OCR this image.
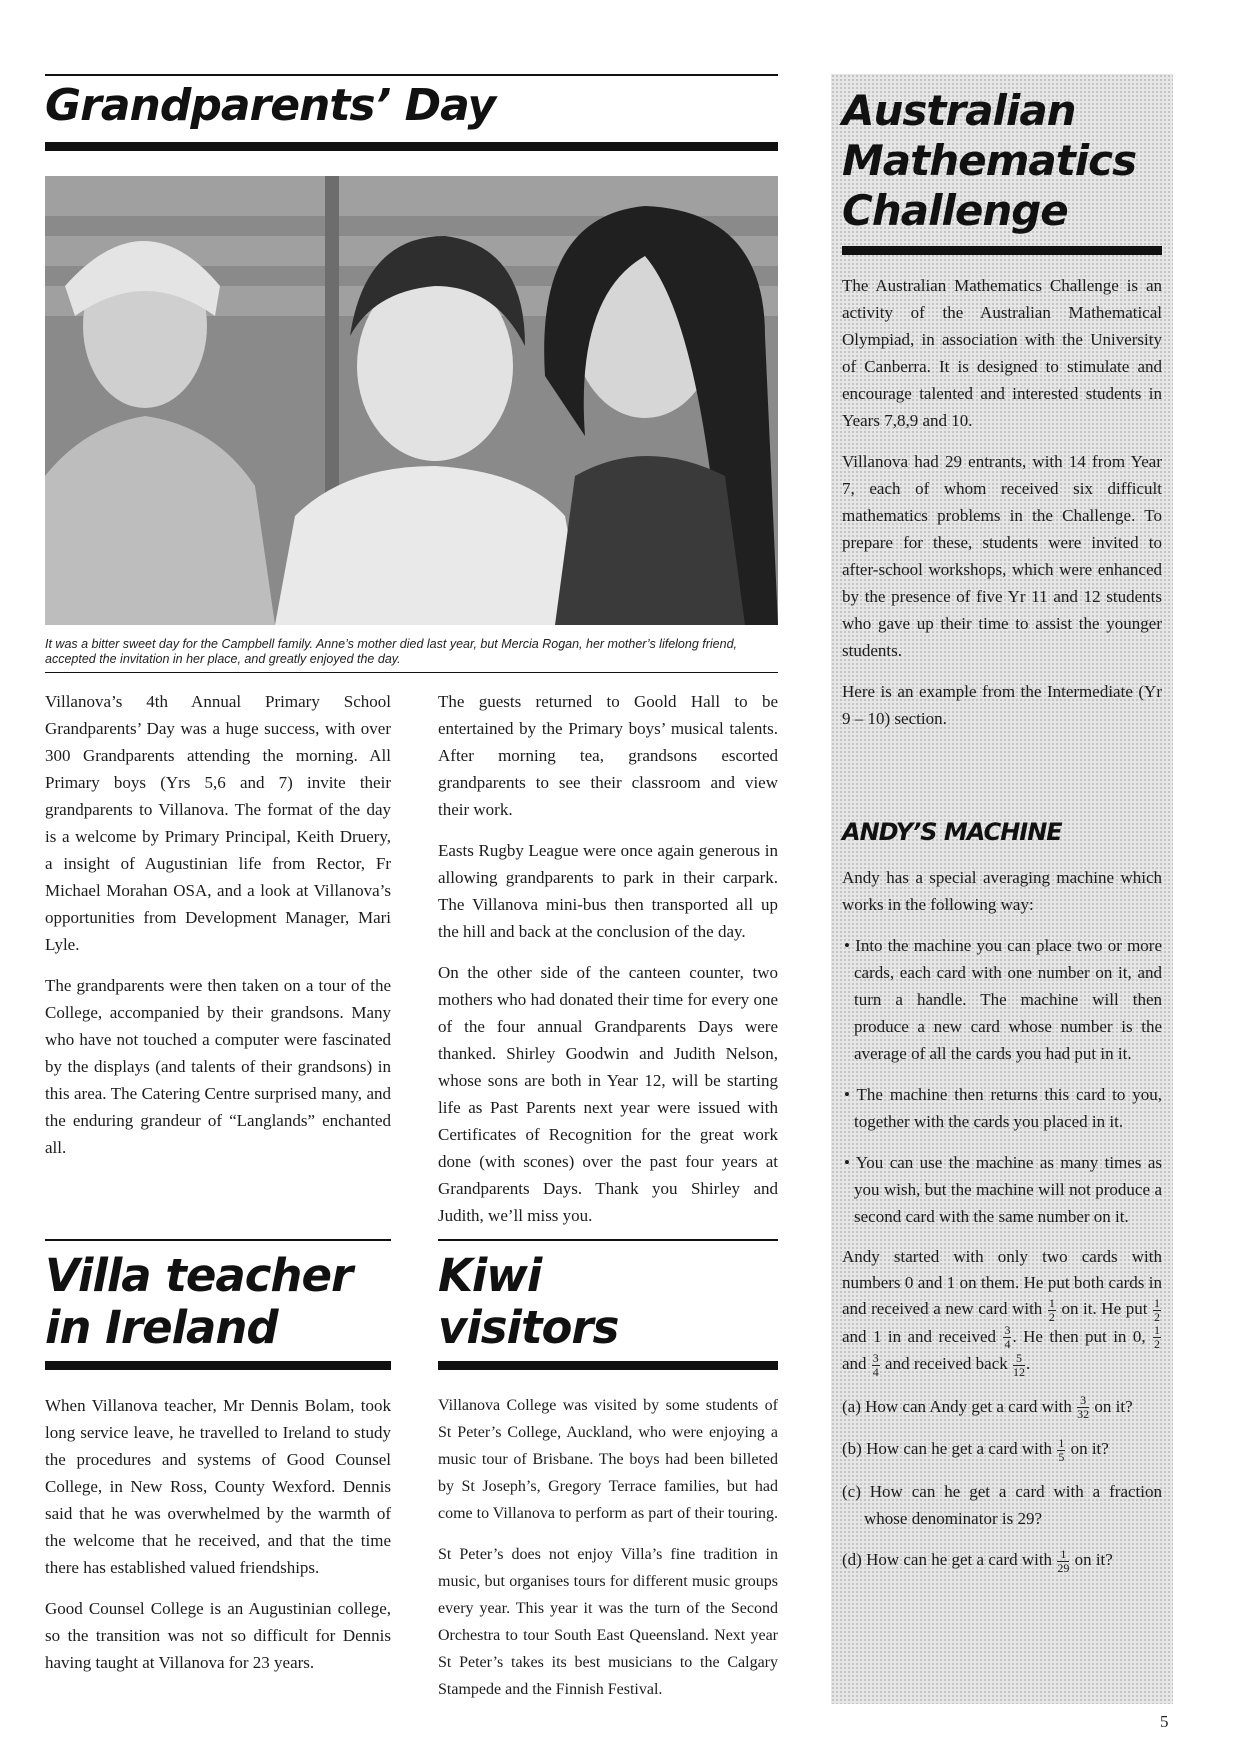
Grandparents’ Day
It was a bitter sweet day for the Campbell family. Anne’s mother died last year, but Mercia Rogan, her mother’s lifelong friend, accepted the invitation in her place, and greatly enjoyed the day.

Villanova’s 4th Annual Primary School Grandparents’ Day was a huge success, with over 300 Grandparents attending the morning. All Primary boys (Yrs 5,6 and 7) invite their grandparents to Villanova. The format of the day is a welcome by Primary Principal, Keith Druery, a insight of Augustinian life from Rector, Fr Michael Morahan OSA, and a look at Villanova’s opportunities from Development Manager, Mari Lyle.

The grandparents were then taken on a tour of the College, accompanied by their grandsons. Many who have not touched a computer were fascinated by the displays (and talents of their grandsons) in this area. The Catering Centre surprised many, and the enduring grandeur of “Langlands” enchanted all.

The guests returned to Goold Hall to be entertained by the Primary boys’ musical talents. After morning tea, grandsons escorted grandparents to see their classroom and view their work.

Easts Rugby League were once again generous in allowing grandparents to park in their carpark. The Villanova mini-bus then transported all up the hill and back at the conclusion of the day.

On the other side of the canteen counter, two mothers who had donated their time for every one of the four annual Grandparents Days were thanked. Shirley Goodwin and Judith Nelson, whose sons are both in Year 12, will be starting life as Past Parents next year were issued with Certificates of Recognition for the great work done (with scones) over the past four years at Grandparents Days. Thank you Shirley and Judith, we’ll miss you.

Villa teacher
in Ireland

When Villanova teacher, Mr Dennis Bolam, took long service leave, he travelled to Ireland to study the procedures and systems of Good Counsel College, in New Ross, County Wexford. Dennis said that he was overwhelmed by the warmth of the welcome that he received, and that the time there has established valued friendships.

Good Counsel College is an Augustinian college, so the transition was not so difficult for Dennis having taught at Villanova for 23 years.

Kiwi
visitors

Villanova College was visited by some students of St Peter’s College, Auckland, who were enjoying a music tour of Brisbane. The boys had been billeted by St Joseph’s, Gregory Terrace families, but had come to Villanova to perform as part of their touring.

St Peter’s does not enjoy Villa’s fine tradition in music, but organises tours for different music groups every year. This year it was the turn of the Second Orchestra to tour South East Queensland. Next year St Peter’s takes its best musicians to the Calgary Stampede and the Finnish Festival.

Australian
Mathematics
Challenge

The Australian Mathematics Challenge is an activity of the Australian Mathematical Olympiad, in association with the University of Canberra. It is designed to stimulate and encourage talented and interested students in Years 7,8,9 and 10.

Villanova had 29 entrants, with 14 from Year 7, each of whom received six difficult mathematics problems in the Challenge. To prepare for these, students were invited to after-school workshops, which were enhanced by the presence of five Yr 11 and 12 students who gave up their time to assist the younger students.

Here is an example from the Intermediate (Yr 9 – 10) section.

ANDY’S MACHINE

Andy has a special averaging machine which works in the following way:

• Into the machine you can place two or more cards, each card with one number on it, and turn a handle. The machine will then produce a new card whose number is the average of all the cards you had put in it.

• The machine then returns this card to you, together with the cards you placed in it.

• You can use the machine as many times as you wish, but the machine will not produce a second card with the same number on it.

Andy started with only two cards with numbers 0 and 1 on them. He put both cards in and received a new card with $\frac{1}{2}$ on it. He put $\frac{1}{2}$
and 1 in and received $\frac{3}{4}$ . He then put in 0, $\frac{1}{2}$
and $\frac{3}{4}$ and received back $\frac{5}{12}$ .

(a) How can Andy get a card with $\frac{3}{32}$ on it?

(b) How can he get a card with $\frac{1}{5}$ on it?

(c) How can he get a card with a fraction whose denominator is 29?

(d) How can he get a card with $\frac{1}{29}$ on it?

5
